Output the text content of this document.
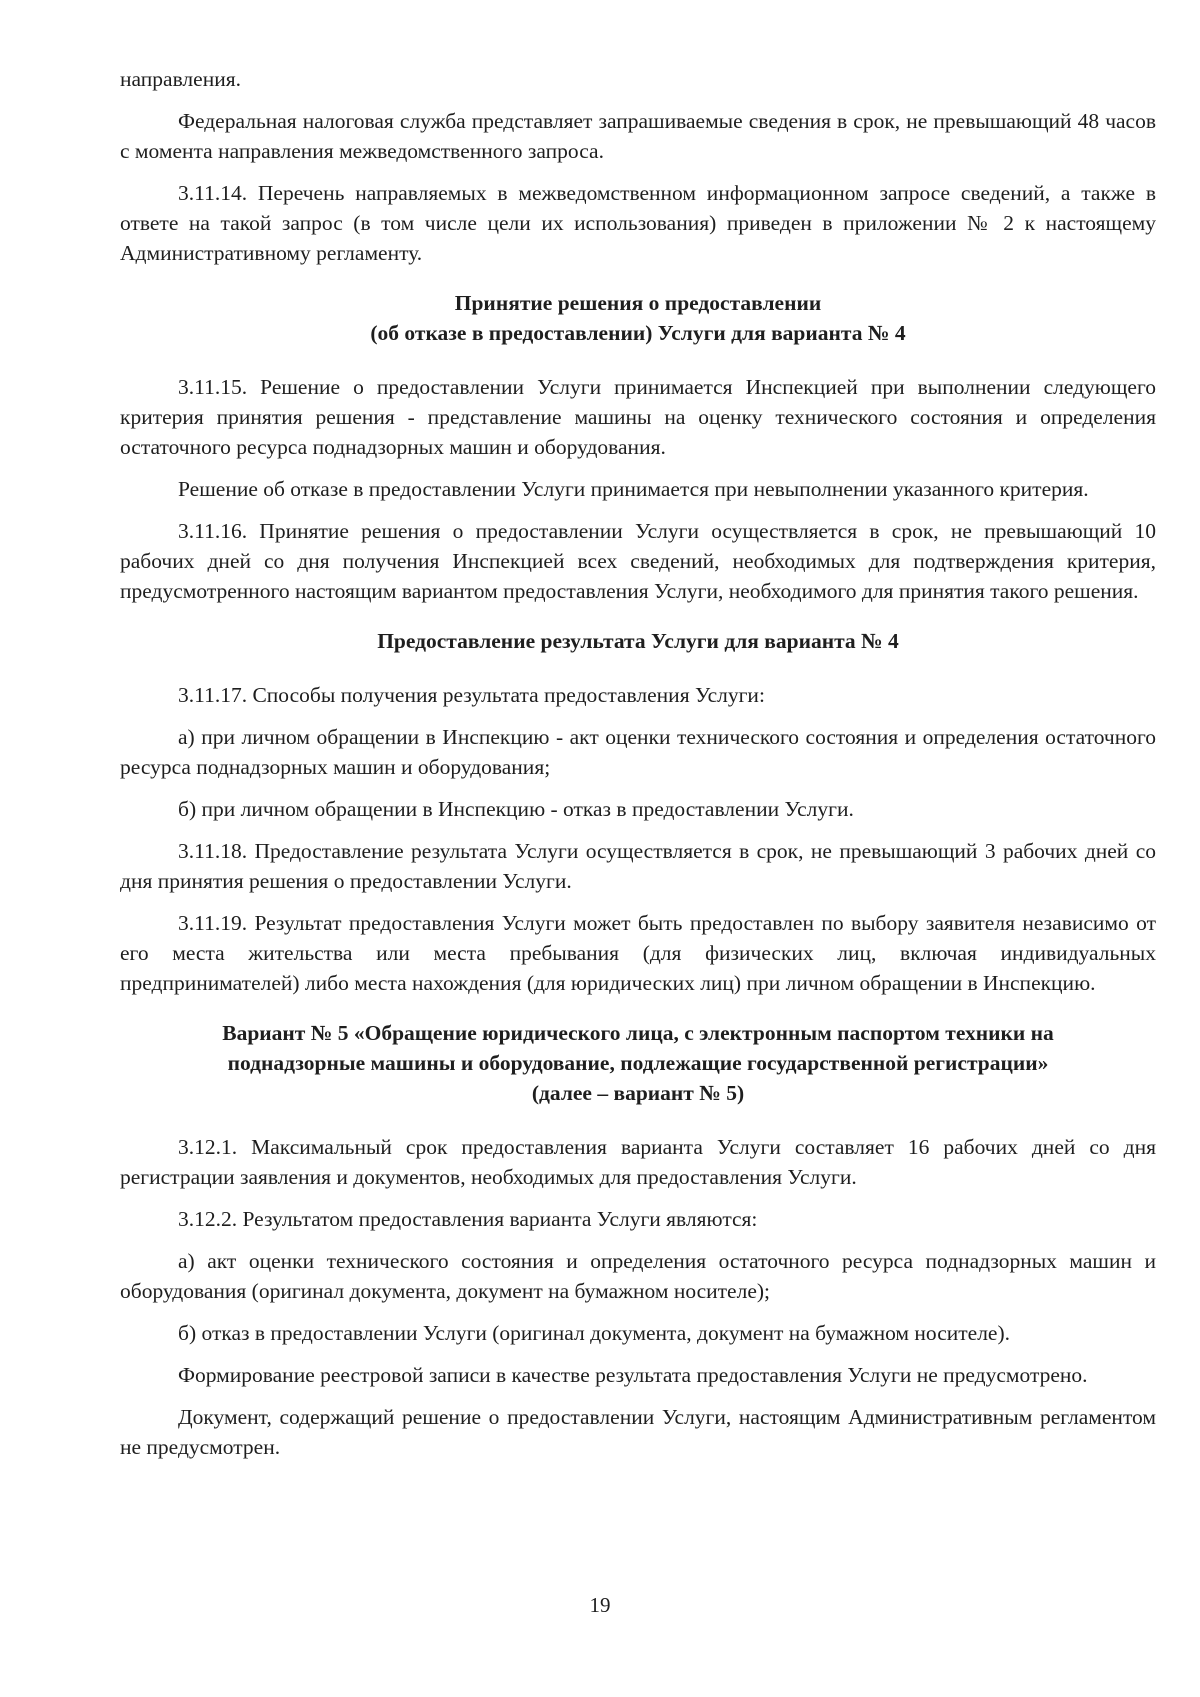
направления.

Федеральная налоговая служба представляет запрашиваемые сведения в срок, не превышающий 48 часов с момента направления межведомственного запроса.

3.11.14. Перечень направляемых в межведомственном информационном запросе сведений, а также в ответе на такой запрос (в том числе цели их использования) приведен в приложении № 2 к настоящему Административному регламенту.

Принятие решения о предоставлении
(об отказе в предоставлении) Услуги для варианта № 4

3.11.15. Решение о предоставлении Услуги принимается Инспекцией при выполнении следующего критерия принятия решения - представление машины на оценку технического состояния и определения остаточного ресурса поднадзорных машин и оборудования.

Решение об отказе в предоставлении Услуги принимается при невыполнении указанного критерия.

3.11.16. Принятие решения о предоставлении Услуги осуществляется в срок, не превышающий 10 рабочих дней со дня получения Инспекцией всех сведений, необходимых для подтверждения критерия, предусмотренного настоящим вариантом предоставления Услуги, необходимого для принятия такого решения.

Предоставление результата Услуги для варианта № 4

3.11.17. Способы получения результата предоставления Услуги:

а) при личном обращении в Инспекцию - акт оценки технического состояния и определения остаточного ресурса поднадзорных машин и оборудования;

б) при личном обращении в Инспекцию - отказ в предоставлении Услуги.

3.11.18. Предоставление результата Услуги осуществляется в срок, не превышающий 3 рабочих дней со дня принятия решения о предоставлении Услуги.

3.11.19. Результат предоставления Услуги может быть предоставлен по выбору заявителя независимо от его места жительства или места пребывания (для физических лиц, включая индивидуальных предпринимателей) либо места нахождения (для юридических лиц) при личном обращении в Инспекцию.

Вариант № 5 «Обращение юридического лица, с электронным паспортом техники на
поднадзорные машины и оборудование, подлежащие государственной регистрации»
(далее – вариант № 5)

3.12.1. Максимальный срок предоставления варианта Услуги составляет 16 рабочих дней со дня регистрации заявления и документов, необходимых для предоставления Услуги.

3.12.2. Результатом предоставления варианта Услуги являются:

а) акт оценки технического состояния и определения остаточного ресурса поднадзорных машин и оборудования (оригинал документа, документ на бумажном носителе);

б) отказ в предоставлении Услуги (оригинал документа, документ на бумажном носителе).

Формирование реестровой записи в качестве результата предоставления Услуги не предусмотрено.

Документ, содержащий решение о предоставлении Услуги, настоящим Административным регламентом не предусмотрен.

19
